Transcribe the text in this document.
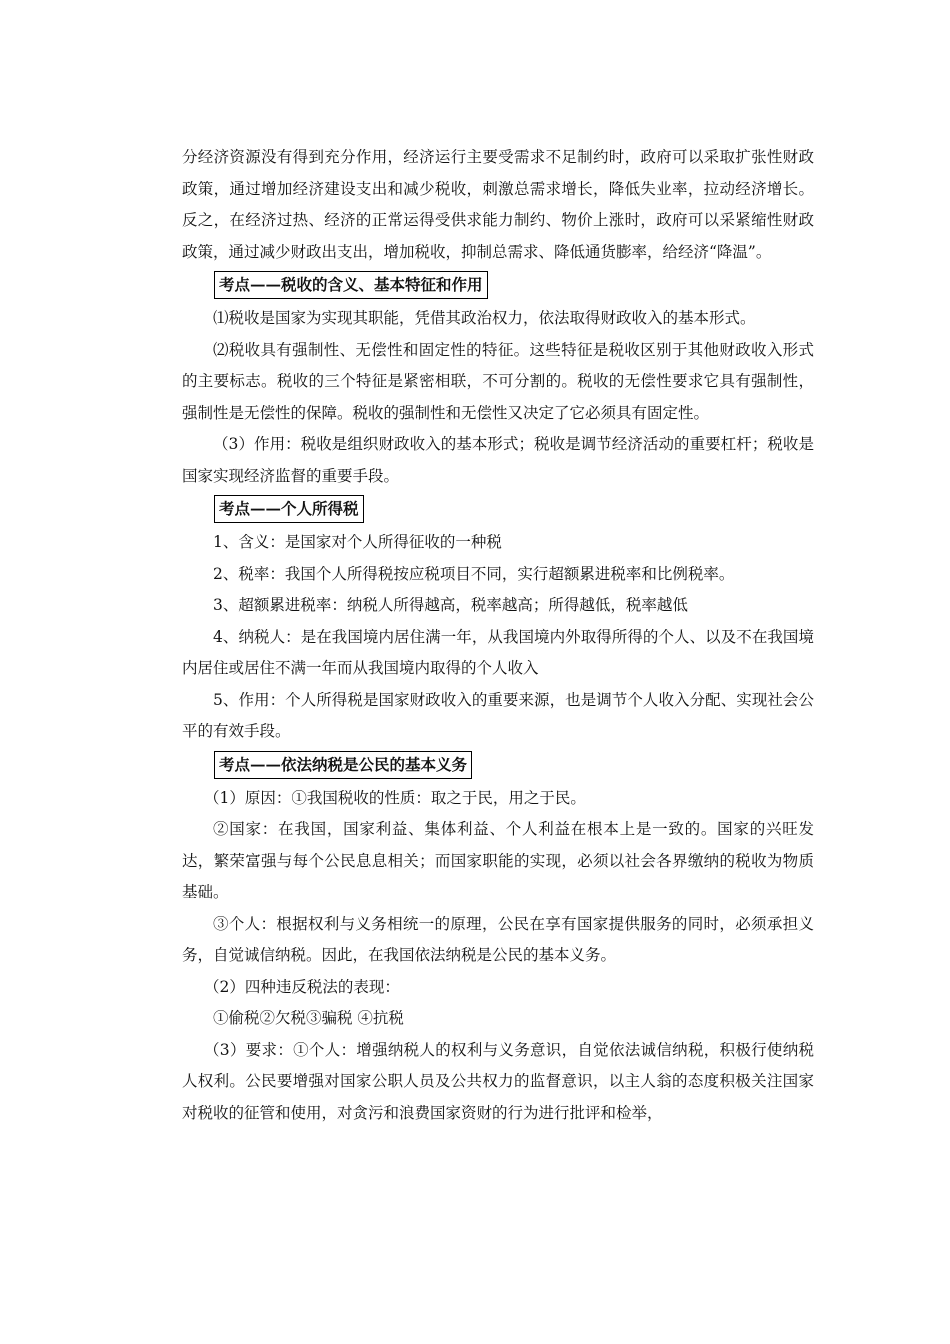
分经济资源没有得到充分作用，经济运行主要受需求不足制约时，政府可以采取扩张性财政政策，通过增加经济建设支出和减少税收，刺激总需求增长，降低失业率，拉动经济增长。反之，在经济过热、经济的正常运得受供求能力制约、物价上涨时，政府可以采紧缩性财政政策，通过减少财政出支出，增加税收，抑制总需求、降低通货膨率，给经济“降温”。

考点——税收的含义、基本特征和作用

⑴税收是国家为实现其职能，凭借其政治权力，依法取得财政收入的基本形式。

⑵税收具有强制性、无偿性和固定性的特征。这些特征是税收区别于其他财政收入形式的主要标志。税收的三个特征是紧密相联，不可分割的。税收的无偿性要求它具有强制性，强制性是无偿性的保障。税收的强制性和无偿性又决定了它必须具有固定性。

（3）作用：税收是组织财政收入的基本形式；税收是调节经济活动的重要杠杆；税收是国家实现经济监督的重要手段。

考点——个人所得税

1、含义：是国家对个人所得征收的一种税

2、税率：我国个人所得税按应税项目不同，实行超额累进税率和比例税率。

3、超额累进税率：纳税人所得越高，税率越高；所得越低，税率越低

4、纳税人：是在我国境内居住满一年，从我国境内外取得所得的个人、以及不在我国境内居住或居住不满一年而从我国境内取得的个人收入

5、作用：个人所得税是国家财政收入的重要来源，也是调节个人收入分配、实现社会公平的有效手段。

考点——依法纳税是公民的基本义务

（1）原因：①我国税收的性质：取之于民，用之于民。

②国家：在我国，国家利益、集体利益、个人利益在根本上是一致的。国家的兴旺发达，繁荣富强与每个公民息息相关；而国家职能的实现，必须以社会各界缴纳的税收为物质基础。

③个人：根据权利与义务相统一的原理，公民在享有国家提供服务的同时，必须承担义务，自觉诚信纳税。因此，在我国依法纳税是公民的基本义务。

（2）四种违反税法的表现：

①偷税②欠税③骗税 ④抗税

（3）要求：①个人：增强纳税人的权利与义务意识，自觉依法诚信纳税，积极行使纳税人权利。公民要增强对国家公职人员及公共权力的监督意识，以主人翁的态度积极关注国家对税收的征管和使用，对贪污和浪费国家资财的行为进行批评和检举，
